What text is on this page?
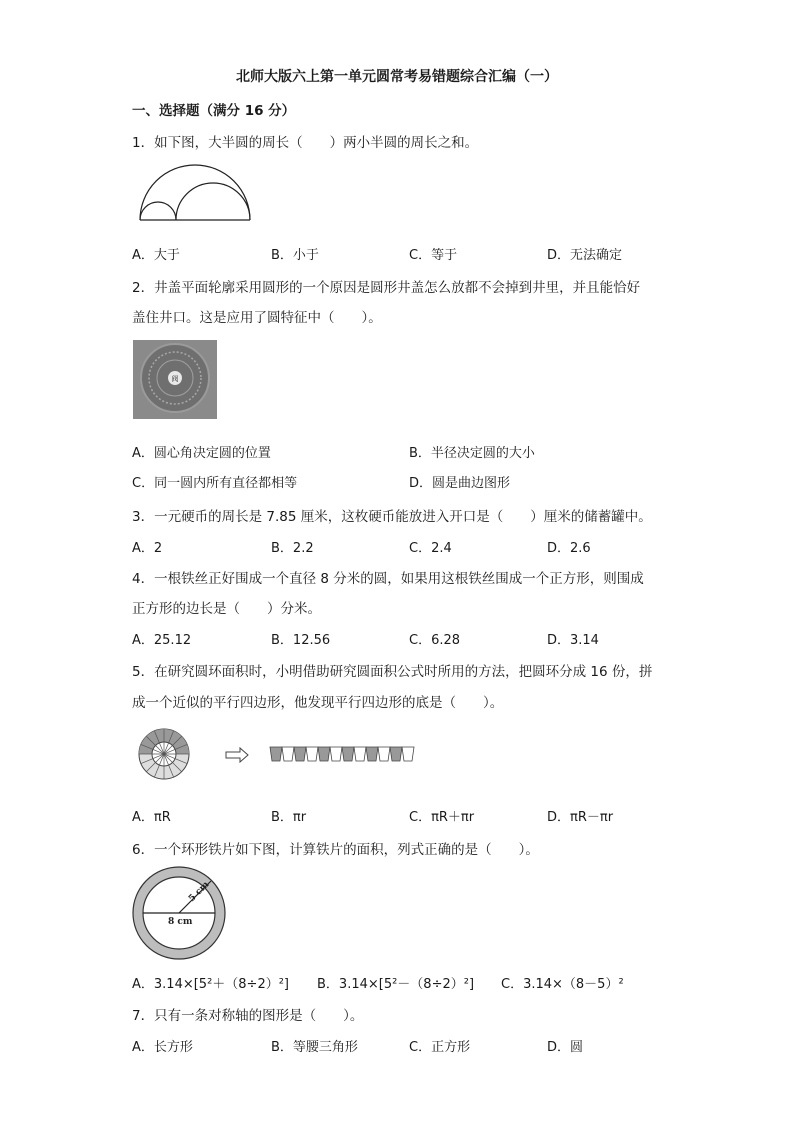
北师大版六上第一单元圆常考易错题综合汇编（一）
一、选择题（满分 16 分）
1．如下图，大半圆的周长（　　）两小半圆的周长之和。
A．大于	B．小于	C．等于	D．无法确定
2．井盖平面轮廓采用圆形的一个原因是圆形井盖怎么放都不会掉到井里，并且能恰好
盖住井口。这是应用了圆特征中（　　）。
阀
A．圆心角决定圆的位置	B．半径决定圆的大小
C．同一圆内所有直径都相等	D．圆是曲边图形
3．一元硬币的周长是 7.85 厘米，这枚硬币能放进入开口是（　　）厘米的储蓄罐中。
A．2	B．2.2	C．2.4	D．2.6
4．一根铁丝正好围成一个直径 8 分米的圆，如果用这根铁丝围成一个正方形，则围成
正方形的边长是（　　）分米。
A．25.12	B．12.56	C．6.28	D．3.14
5．在研究圆环面积时，小明借助研究圆面积公式时所用的方法，把圆环分成 16 份，拼
成一个近似的平行四边形，他发现平行四边形的底是（　　）。
A．πR	B．πr	C．πR＋πr	D．πR－πr
6．一个环形铁片如下图，计算铁片的面积，列式正确的是（　　）。
5 cm
8 cm
A．3.14×[5²＋（8÷2）²] B．3.14×[5²－（8÷2）²] C．3.14×（8－5）²
7．只有一条对称轴的图形是（　　）。
A．长方形	B．等腰三角形	C．正方形	D．圆
